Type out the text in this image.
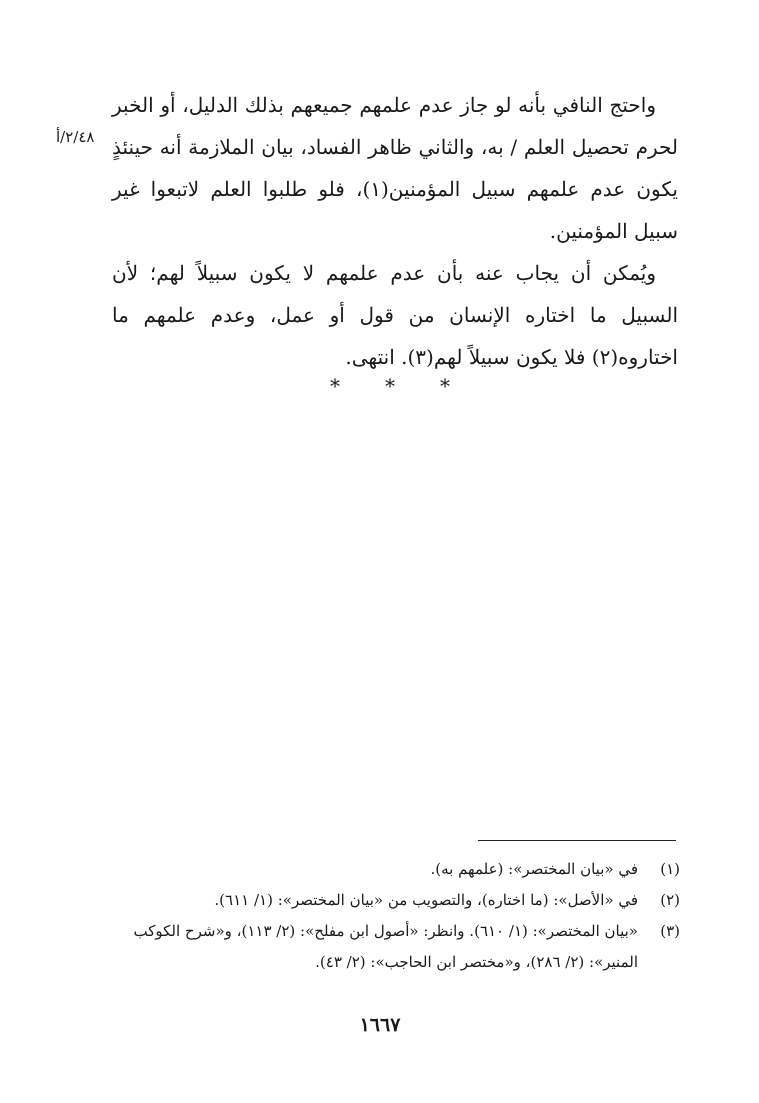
واحتج النافي بأنه لو جاز عدم علمهم جميعهم بذلك الدليل، أو الخبر لحرم تحصيل العلم / به، والثاني ظاهر الفساد، بيان الملازمة أنه حينئذٍ يكون عدم علمهم سبيل المؤمنين(١)، فلو طلبوا العلم لاتبعوا غير سبيل المؤمنين.

ويُمكن أن يجاب عنه بأن عدم علمهم لا يكون سبيلاً لهم؛ لأن السبيل ما اختاره الإنسان من قول أو عمل، وعدم علمهم ما اختاروه(٢) فلا يكون سبيلاً لهم(٣). انتهى.

٢/٤٨/أ
* * *

(١)
في «بيان المختصر»: (علمهم به).

(٢)
في «الأصل»: (ما اختاره)، والتصويب من «بيان المختصر»: (١/ ٦١١).

(٣)
«بيان المختصر»: (١/ ٦١٠). وانظر: «أصول ابن مفلح»: (٢/ ١١٣)، و«شرح الكوكب المنير»: (٢/ ٢٨٦)، و«مختصر ابن الحاجب»: (٢/ ٤٣).

١٦٦٧
